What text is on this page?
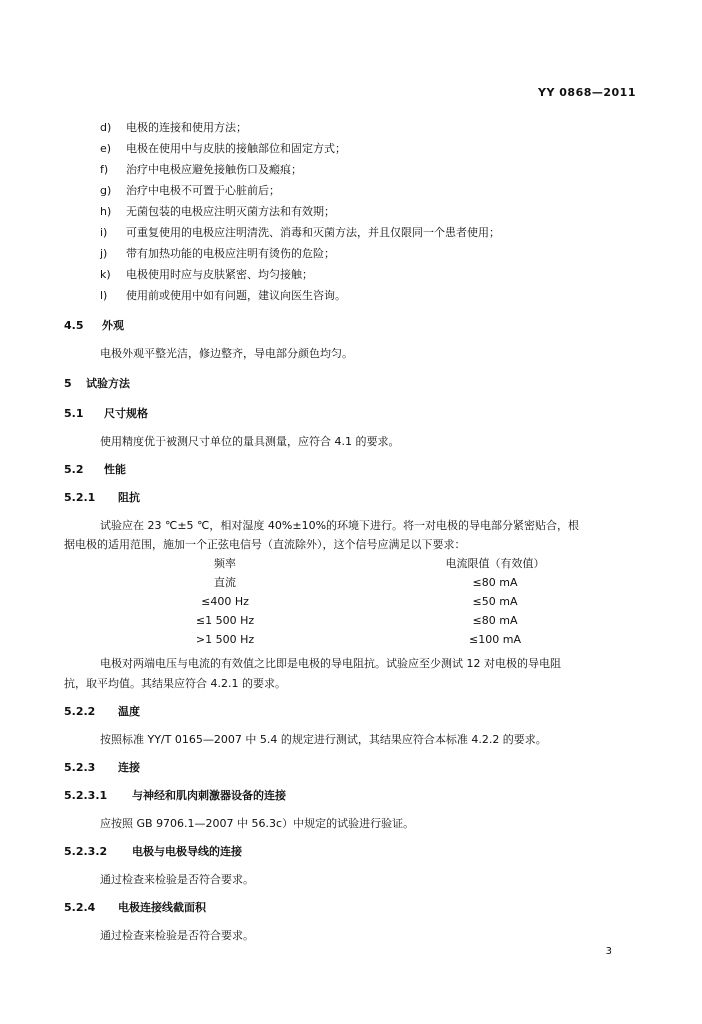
YY 0868—2011
d) 电极的连接和使用方法；
e) 电极在使用中与皮肤的接触部位和固定方式；
f) 治疗中电极应避免接触伤口及瘢痕；
g) 治疗中电极不可置于心脏前后；
h) 无菌包装的电极应注明灭菌方法和有效期；
i) 可重复使用的电极应注明清洗、消毒和灭菌方法，并且仅限同一个患者使用；
j) 带有加热功能的电极应注明有烫伤的危险；
k) 电极使用时应与皮肤紧密、均匀接触；
l) 使用前或使用中如有问题，建议向医生咨询。
4.5 外观
电极外观平整光洁，修边整齐，导电部分颜色均匀。
5 试验方法
5.1 尺寸规格
使用精度优于被测尺寸单位的量具测量，应符合 4.1 的要求。
5.2 性能
5.2.1 阻抗
试验应在 23 ℃±5 ℃，相对湿度 40%±10%的环境下进行。将一对电极的导电部分紧密贴合，根
据电极的适用范围，施加一个正弦电信号（直流除外），这个信号应满足以下要求：
频率	电流限值（有效值）
直流	≤80 mA
≤400 Hz	≤50 mA
≤1 500 Hz	≤80 mA
>1 500 Hz	≤100 mA
电极对两端电压与电流的有效值之比即是电极的导电阻抗。试验应至少测试 12 对电极的导电阻
抗，取平均值。其结果应符合 4.2.1 的要求。
5.2.2 温度
按照标准 YY/T 0165—2007 中 5.4 的规定进行测试，其结果应符合本标准 4.2.2 的要求。
5.2.3 连接
5.2.3.1 与神经和肌肉刺激器设备的连接
应按照 GB 9706.1—2007 中 56.3c）中规定的试验进行验证。
5.2.3.2 电极与电极导线的连接
通过检查来检验是否符合要求。
5.2.4 电极连接线截面积
通过检查来检验是否符合要求。
3
